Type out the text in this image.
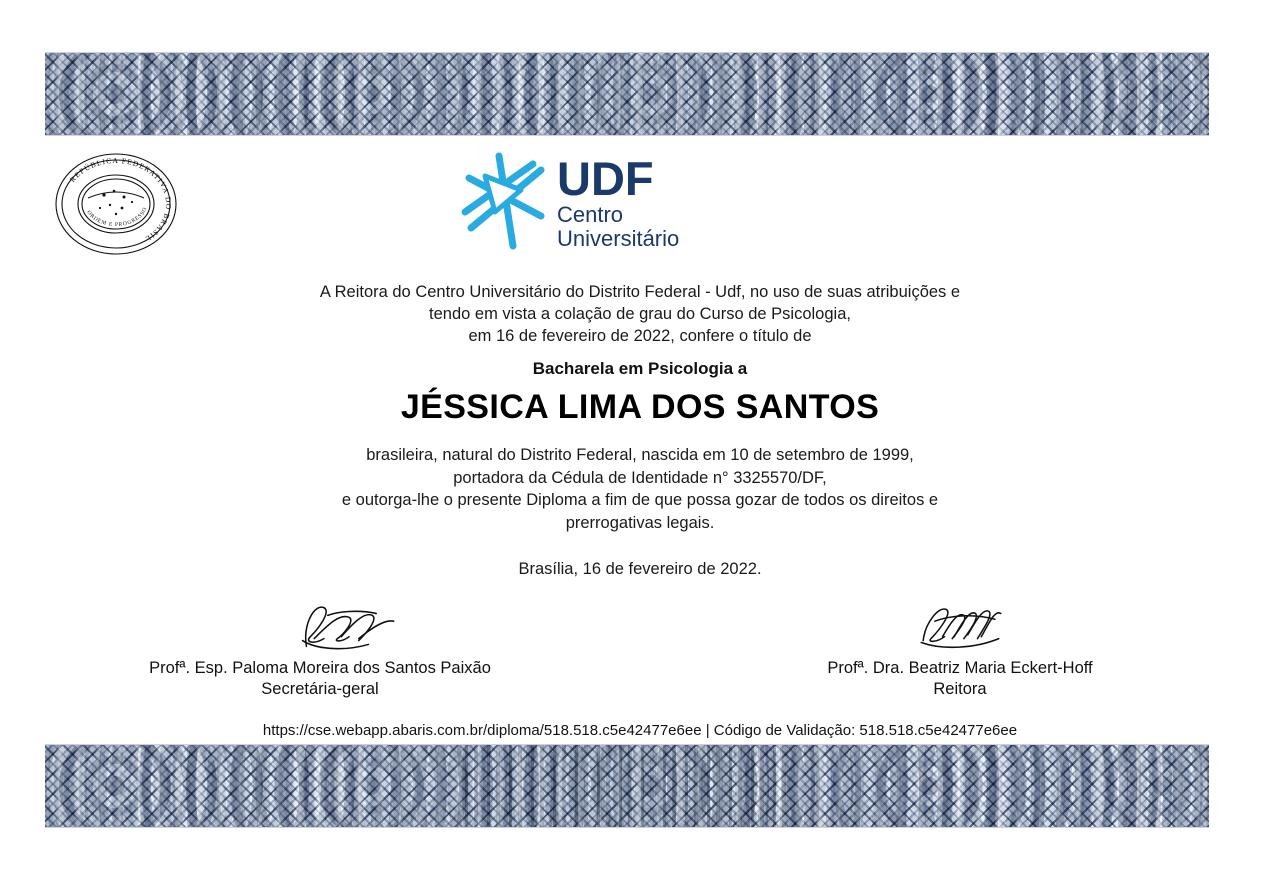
REPÚBLICA FEDERATIVA DO BRASIL
ORDEM E PROGRESSO
UDF
Centro
Universitário
A Reitora do Centro Universitário do Distrito Federal - Udf, no uso de suas atribuições e
tendo em vista a colação de grau do Curso de Psicologia,
em 16 de fevereiro de 2022, confere o título de
Bacharela em Psicologia a
JÉSSICA LIMA DOS SANTOS
brasileira, natural do Distrito Federal, nascida em 10 de setembro de 1999,
portadora da Cédula de Identidade n° 3325570/DF,
e outorga-lhe o presente Diploma a fim de que possa gozar de todos os direitos e
prerrogativas legais.
Brasília, 16 de fevereiro de 2022.
Profª. Esp. Paloma Moreira dos Santos Paixão
Secretária-geral
Profª. Dra. Beatriz Maria Eckert-Hoff
Reitora
https://cse.webapp.abaris.com.br/diploma/518.518.c5e42477e6ee | Código de Validação: 518.518.c5e42477e6ee
